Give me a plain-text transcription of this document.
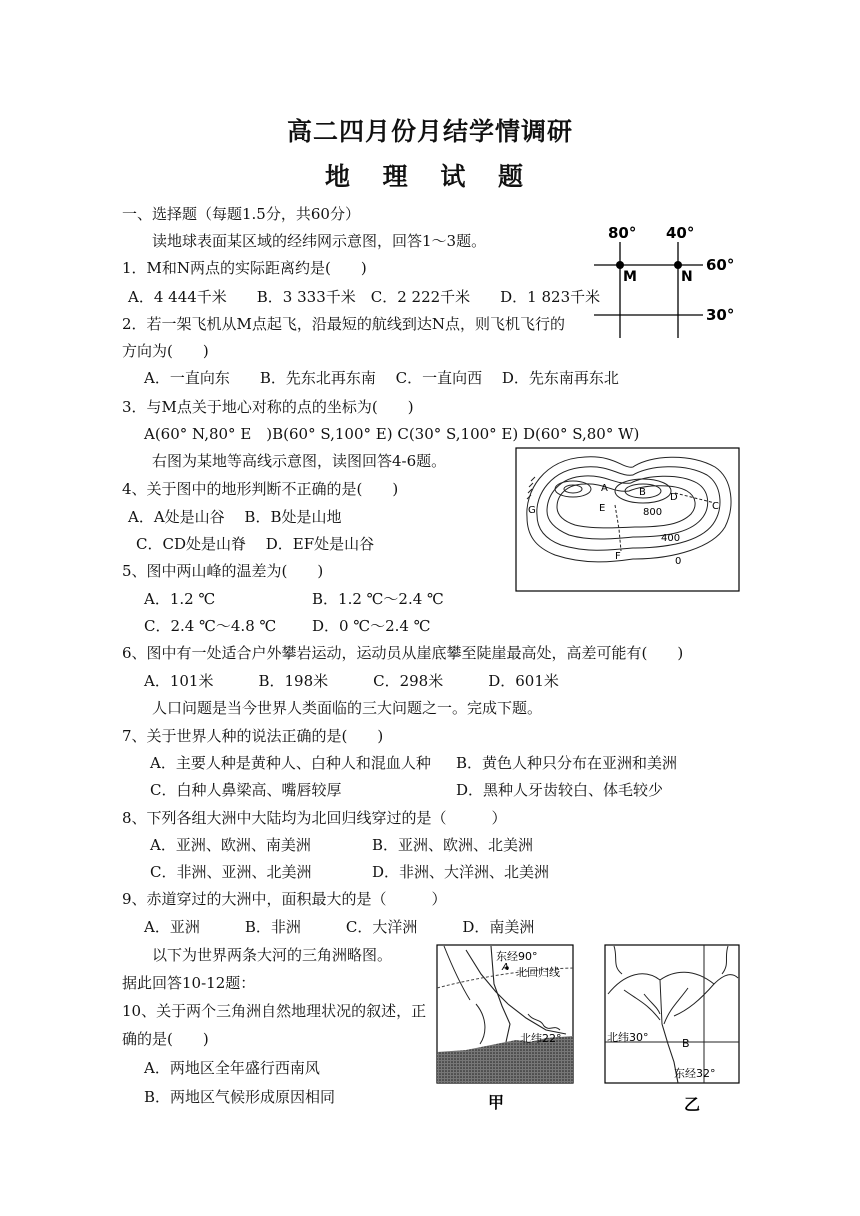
高二四月份月结学情调研
地 理 试 题
一、选择题（每题1.5分，共60分）
读地球表面某区域的经纬网示意图，回答1～3题。
1．M和N两点的实际距离约是(　　)
A．4 444千米　　B．3 333千米　C．2 222千米　　D．1 823千米
2．若一架飞机从M点起飞，沿最短的航线到达N点，则飞机飞行的
方向为(　　)
A．一直向东　　B．先东北再东南　 C．一直向西　 D．先东南再东北
3．与M点关于地心对称的点的坐标为(　　)
A(60° N,80° E　)B(60° S,100° E) C(30° S,100° E) D(60° S,80° W)
右图为某地等高线示意图，读图回答4-6题。
4、关于图中的地形判断不正确的是(　　)
A．A处是山谷　 B．B处是山地
C．CD处是山脊　 D．EF处是山谷
5、图中两山峰的温差为(　　)
A．1.2 ℃	B．1.2 ℃～2.4 ℃
C．2.4 ℃～4.8 ℃ D．0 ℃～2.4 ℃
6、图中有一处适合户外攀岩运动，运动员从崖底攀至陡崖最高处，高差可能有(　　)
A．101米　　　B．198米　　　C．298米　　　D．601米
人口问题是当今世界人类面临的三大问题之一。完成下题。
7、关于世界人种的说法正确的是(　　)
A．主要人种是黄种人、白种人和混血人种 B．黄色人种只分布在亚洲和美洲
C．白种人鼻梁高、嘴唇较厚	D．黑种人牙齿较白、体毛较少
8、下列各组大洲中大陆均为北回归线穿过的是（　　　）
A．亚洲、欧洲、南美洲	B．亚洲、欧洲、北美洲
C．非洲、亚洲、北美洲	D．非洲、大洋洲、北美洲
9、赤道穿过的大洲中，面积最大的是（　　　）
A．亚洲　　　B．非洲　　　C．大洋洲　　　D．南美洲
以下为世界两条大河的三角洲略图。
据此回答10-12题：
10、关于两个三角洲自然地理状况的叙述，正
确的是(　　)
A．两地区全年盛行西南风
B．两地区气候形成原因相同
80° 40°
60°
30°
M	N
A	B
C
D
E
F
G	800
400
0
东经90°
A 北回归线
北纬22°
甲
北纬30°	B
东经32°
乙
